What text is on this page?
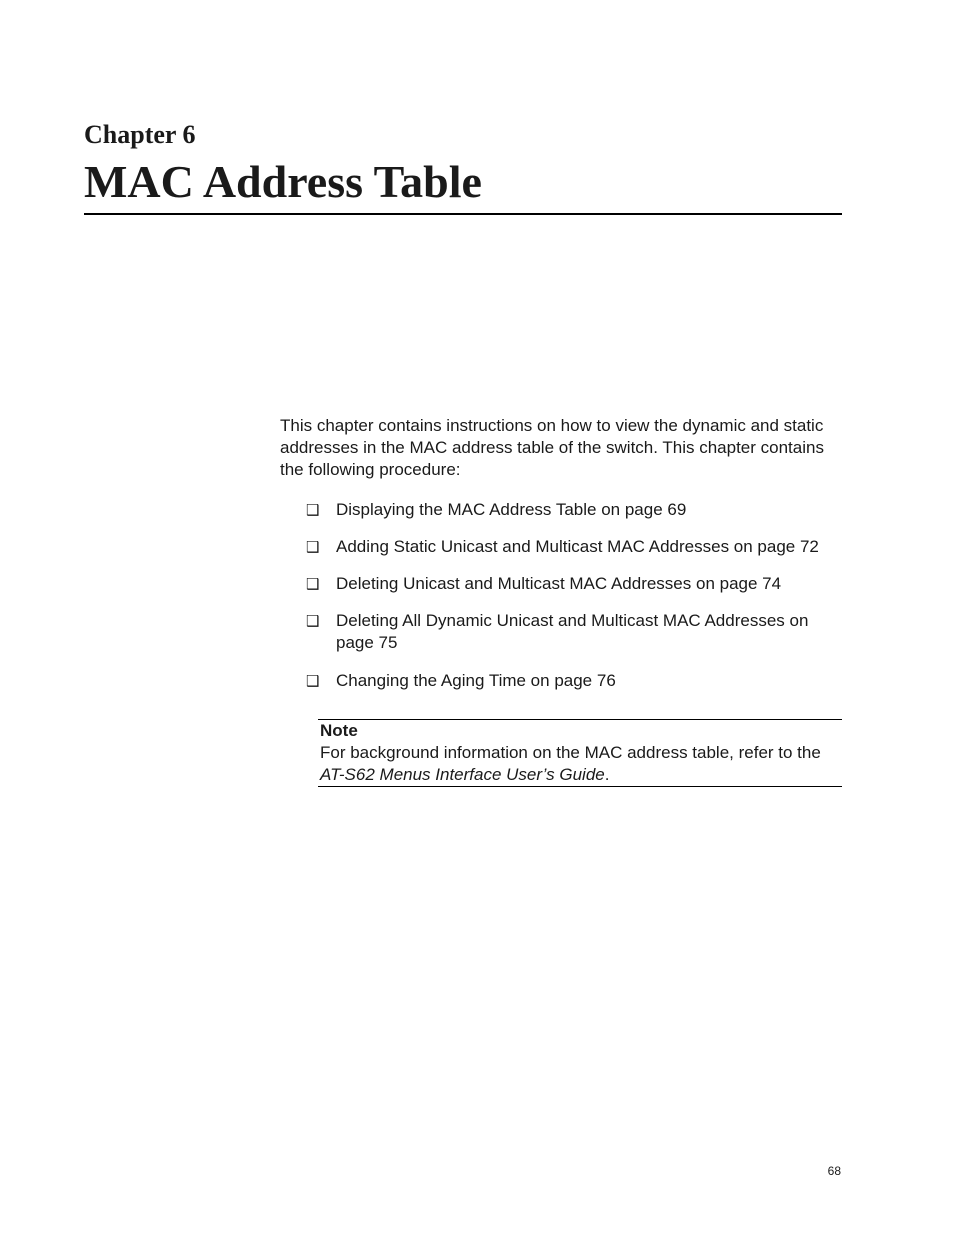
Chapter 6
MAC Address Table

This chapter contains instructions on how to view the dynamic and static addresses in the MAC address table of the switch. This chapter contains the following procedure:

❑ Displaying the MAC Address Table on page 69
❑ Adding Static Unicast and Multicast MAC Addresses on page 72
❑ Deleting Unicast and Multicast MAC Addresses on page 74
❑ Deleting All Dynamic Unicast and Multicast MAC Addresses on page 75
❑ Changing the Aging Time on page 76
Note
For background information on the MAC address table, refer to the AT-S62 Menus Interface User’s Guide.
68
